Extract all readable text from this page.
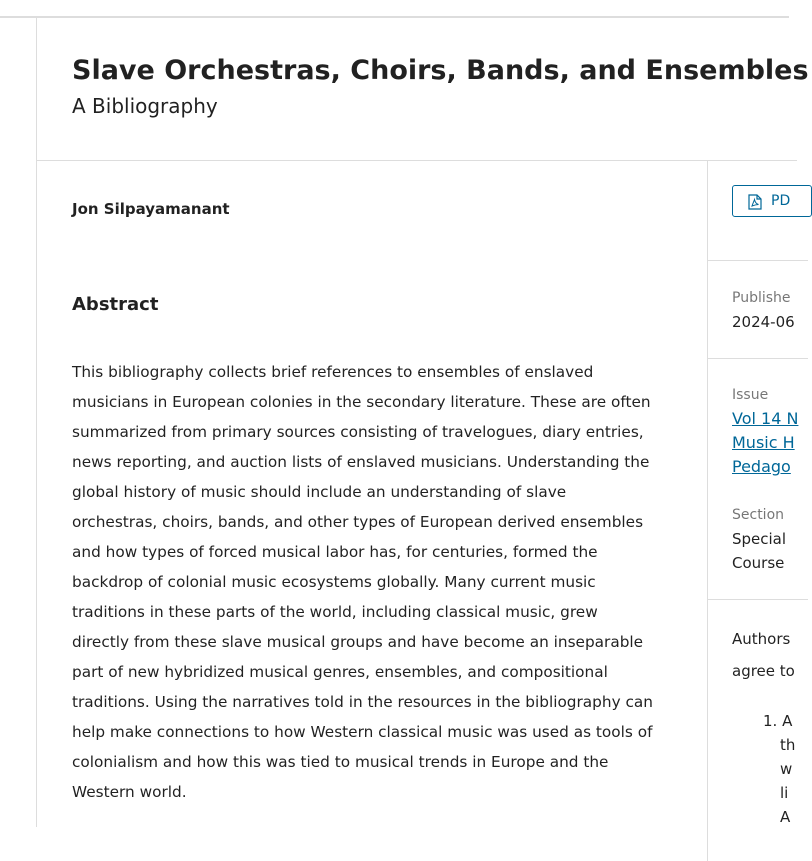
Slave Orchestras, Choirs, Bands, and Ensembles
A Bibliography
Jon Silpayamanant
Abstract

This bibliography collects brief references to ensembles of enslaved
musicians in European colonies in the secondary literature. These are often
summarized from primary sources consisting of travelogues, diary entries,
news reporting, and auction lists of enslaved musicians. Understanding the
global history of music should include an understanding of slave
orchestras, choirs, bands, and other types of European derived ensembles
and how types of forced musical labor has, for centuries, formed the
backdrop of colonial music ecosystems globally. Many current music
traditions in these parts of the world, including classical music, grew
directly from these slave musical groups and have become an inseparable
part of new hybridized musical genres, ensembles, and compositional
traditions. Using the narratives told in the resources in the bibliography can
help make connections to how Western classical music was used as tools of
colonialism and how this was tied to musical trends in Europe and the
Western world.

PD
Publishe
2024-06
Issue
Vol 14 N
Music H
Pedago
Section
Special
Course
Authors
agree to
1. A
th
w
li
A
